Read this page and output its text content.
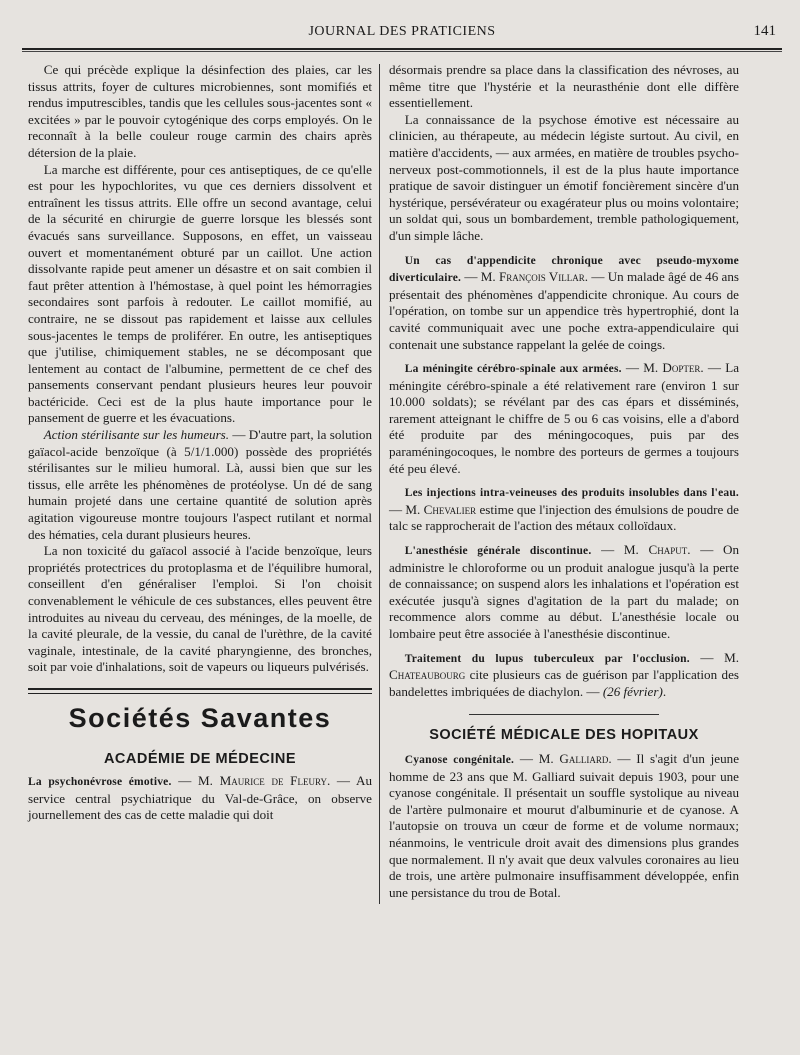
JOURNAL DES PRATICIENS	141

Ce qui précède explique la désinfection des plaies, car les tissus attrits, foyer de cultures microbiennes, sont momifiés et rendus imputrescibles, tandis que les cellules sous-jacentes sont « excitées » par le pouvoir cytogénique des corps employés. On le reconnaît à la belle couleur rouge carmin des chairs après détersion de la plaie.

La marche est différente, pour ces antiseptiques, de ce qu'elle est pour les hypochlorites, vu que ces derniers dissolvent et entraînent les tissus attrits. Elle offre un second avantage, celui de la sécurité en chirurgie de guerre lorsque les blessés sont évacués sans surveillance. Supposons, en effet, un vaisseau ouvert et momentanément obturé par un caillot. Une action dissolvante rapide peut amener un désastre et on sait combien il faut prêter attention à l'hémostase, à quel point les hémorragies secondaires sont parfois à redouter. Le caillot momifié, au contraire, ne se dissout pas rapidement et laisse aux cellules sous-jacentes le temps de proliférer. En outre, les antiseptiques que j'utilise, chimiquement stables, ne se décomposant que lentement au contact de l'albumine, permettent de ce chef des pansements conservant pendant plusieurs heures leur pouvoir bactéricide. Ceci est de la plus haute importance pour le pansement de guerre et les évacuations.

Action stérilisante sur les humeurs. — D'autre part, la solution gaïacol-acide benzoïque (à 5/1/1.000) possède des propriétés stérilisantes sur le milieu humoral. Là, aussi bien que sur les tissus, elle arrête les phénomènes de protéolyse. Un dé de sang humain projeté dans une certaine quantité de solution après agitation vigoureuse montre toujours l'aspect rutilant et normal des hématies, cela durant plusieurs heures.

La non toxicité du gaïacol associé à l'acide benzoïque, leurs propriétés protectrices du protoplasma et de l'équilibre humoral, conseillent d'en généraliser l'emploi. Si l'on choisit convenablement le véhicule de ces substances, elles peuvent être introduites au niveau du cerveau, des méninges, de la moelle, de la cavité pleurale, de la vessie, du canal de l'urèthre, de la cavité vaginale, intestinale, de la cavité pharyngienne, des bronches, soit par voie d'inhalations, soit de vapeurs ou liqueurs pulvérisés.

Sociétés Savantes
ACADÉMIE DE MÉDECINE

La psychonévrose émotive. — M. Maurice de Fleury. — Au service central psychiatrique du Val-de-Grâce, on observe journellement des cas de cette maladie qui doit

désormais prendre sa place dans la classification des névroses, au même titre que l'hystérie et la neurasthénie dont elle diffère essentiellement.

La connaissance de la psychose émotive est nécessaire au clinicien, au thérapeute, au médecin légiste surtout. Au civil, en matière d'accidents, — aux armées, en matière de troubles psycho-nerveux post-commotionnels, il est de la plus haute importance pratique de savoir distinguer un émotif foncièrement sincère d'un hystérique, persévérateur ou exagérateur plus ou moins volontaire; un soldat qui, sous un bombardement, tremble pathologiquement, d'un simple lâche.

Un cas d'appendicite chronique avec pseudo-myxome diverticulaire. — M. François Villar. — Un malade âgé de 46 ans présentait des phénomènes d'appendicite chronique. Au cours de l'opération, on tombe sur un appendice très hypertrophié, dont la cavité communiquait avec une poche extra-appendiculaire qui contenait une substance rappelant la gelée de coings.

La méningite cérébro-spinale aux armées. — M. Dopter. — La méningite cérébro-spinale a été relativement rare (environ 1 sur 10.000 soldats); se révélant par des cas épars et disséminés, rarement atteignant le chiffre de 5 ou 6 cas voisins, elle a d'abord été produite par des méningocoques, puis par des paraméningocoques, le nombre des porteurs de germes a toujours été peu élevé.

Les injections intra-veineuses des produits insolubles dans l'eau. — M. Chevalier estime que l'injection des émulsions de poudre de talc se rapprocherait de l'action des métaux colloïdaux.

L'anesthésie générale discontinue. — M. Chaput. — On administre le chloroforme ou un produit analogue jusqu'à la perte de connaissance; on suspend alors les inhalations et l'opération est exécutée jusqu'à signes d'agitation de la part du malade; on recommence alors comme au début. L'anesthésie locale ou lombaire peut être associée à l'anesthésie discontinue.

Traitement du lupus tuberculeux par l'occlusion. — M. Chateaubourg cite plusieurs cas de guérison par l'application des bandelettes imbriquées de diachylon. — (26 février).

SOCIÉTÉ MÉDICALE DES HOPITAUX

Cyanose congénitale. — M. Galliard. — Il s'agit d'un jeune homme de 23 ans que M. Galliard suivait depuis 1903, pour une cyanose congénitale. Il présentait un souffle systolique au niveau de l'artère pulmonaire et mourut d'albuminurie et de cyanose. A l'autopsie on trouva un cœur de forme et de volume normaux; néanmoins, le ventricule droit avait des dimensions plus grandes que normalement. Il n'y avait que deux valvules coronaires au lieu de trois, une artère pulmonaire insuffisamment développée, enfin une persistance du trou de Botal.
